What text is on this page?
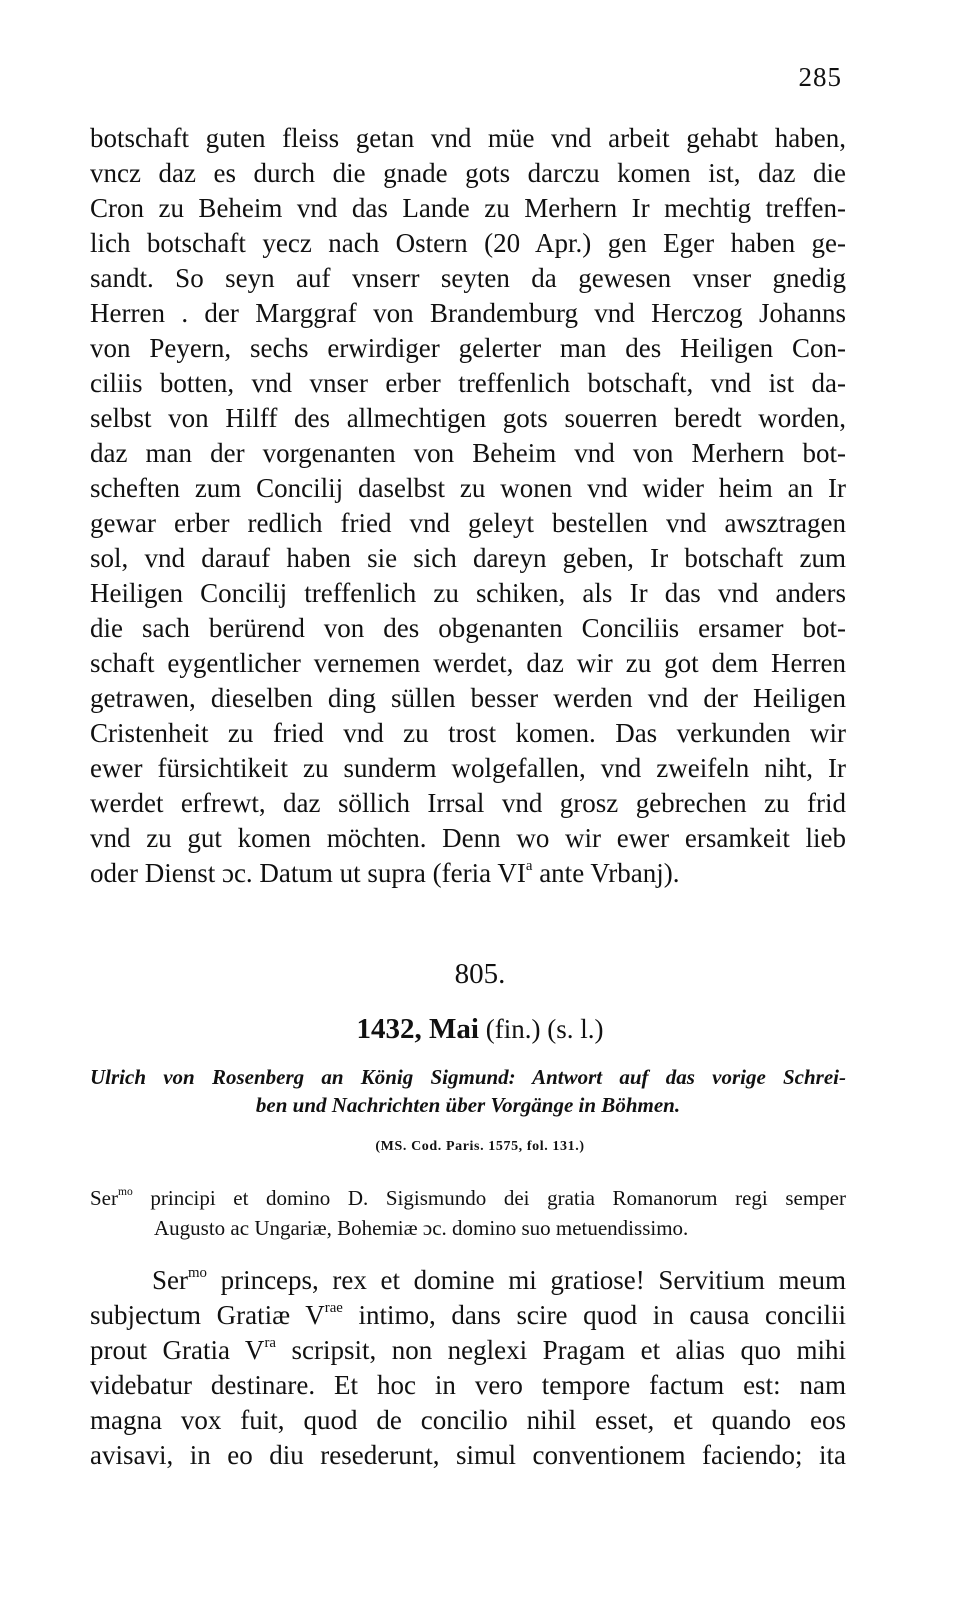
285
botschaft guten fleiss getan vnd müe vnd arbeit gehabt haben,
vncz daz es durch die gnade gots darczu komen ist, daz die
Cron zu Beheim vnd das Lande zu Merhern Ir mechtig treffen-
lich botschaft yecz nach Ostern (20 Apr.) gen Eger haben ge-
sandt. So seyn auf vnserr seyten da gewesen vnser gnedig
Herren . der Marggraf von Brandemburg vnd Herczog Johanns
von Peyern, sechs erwirdiger gelerter man des Heiligen Con-
ciliis botten, vnd vnser erber treffenlich botschaft, vnd ist da-
selbst von Hilff des allmechtigen gots souerren beredt worden,
daz man der vorgenanten von Beheim vnd von Merhern bot-
scheften zum Concilij daselbst zu wonen vnd wider heim an Ir
gewar erber redlich fried vnd geleyt bestellen vnd awsztragen
sol, vnd darauf haben sie sich dareyn geben, Ir botschaft zum
Heiligen Concilij treffenlich zu schiken, als Ir das vnd anders
die sach berürend von des obgenanten Conciliis ersamer bot-
schaft eygentlicher vernemen werdet, daz wir zu got dem Herren
getrawen, dieselben ding süllen besser werden vnd der Heiligen
Cristenheit zu fried vnd zu trost komen. Das verkunden wir
ewer fürsichtikeit zu sunderm wolgefallen, vnd zweifeln niht, Ir
werdet erfrewt, daz söllich Irrsal vnd grosz gebrechen zu frid
vnd zu gut komen möchten. Denn wo wir ewer ersamkeit lieb
oder Dienst ɔc. Datum ut supra (feria $VI^a$ ante Vrbanj).
805.
1432, Mai (fin.) (s. l.)
Ulrich von Rosenberg an König Sigmund: Antwort auf das vorige Schrei-
ben und Nachrichten über Vorgänge in Böhmen.
(MS. Cod. Paris. 1575, fol. 131.)
Ser$^{mo}$ principi et domino D. Sigismundo dei gratia Romanorum regi semper
Augusto ac Ungariæ, Bohemiæ ɔc. domino suo metuendissimo.
Ser$^{mo}$ princeps, rex et domine mi gratiose! Servitium meum
subjectum Gratiæ $V^{rae}$ intimo, dans scire quod in causa concilii
prout Gratia $V^{ra}$ scripsit, non neglexi Pragam et alias quo mihi
videbatur destinare. Et hoc in vero tempore factum est: nam
magna vox fuit, quod de concilio nihil esset, et quando eos
avisavi, in eo diu resederunt, simul conventionem faciendo; ita
